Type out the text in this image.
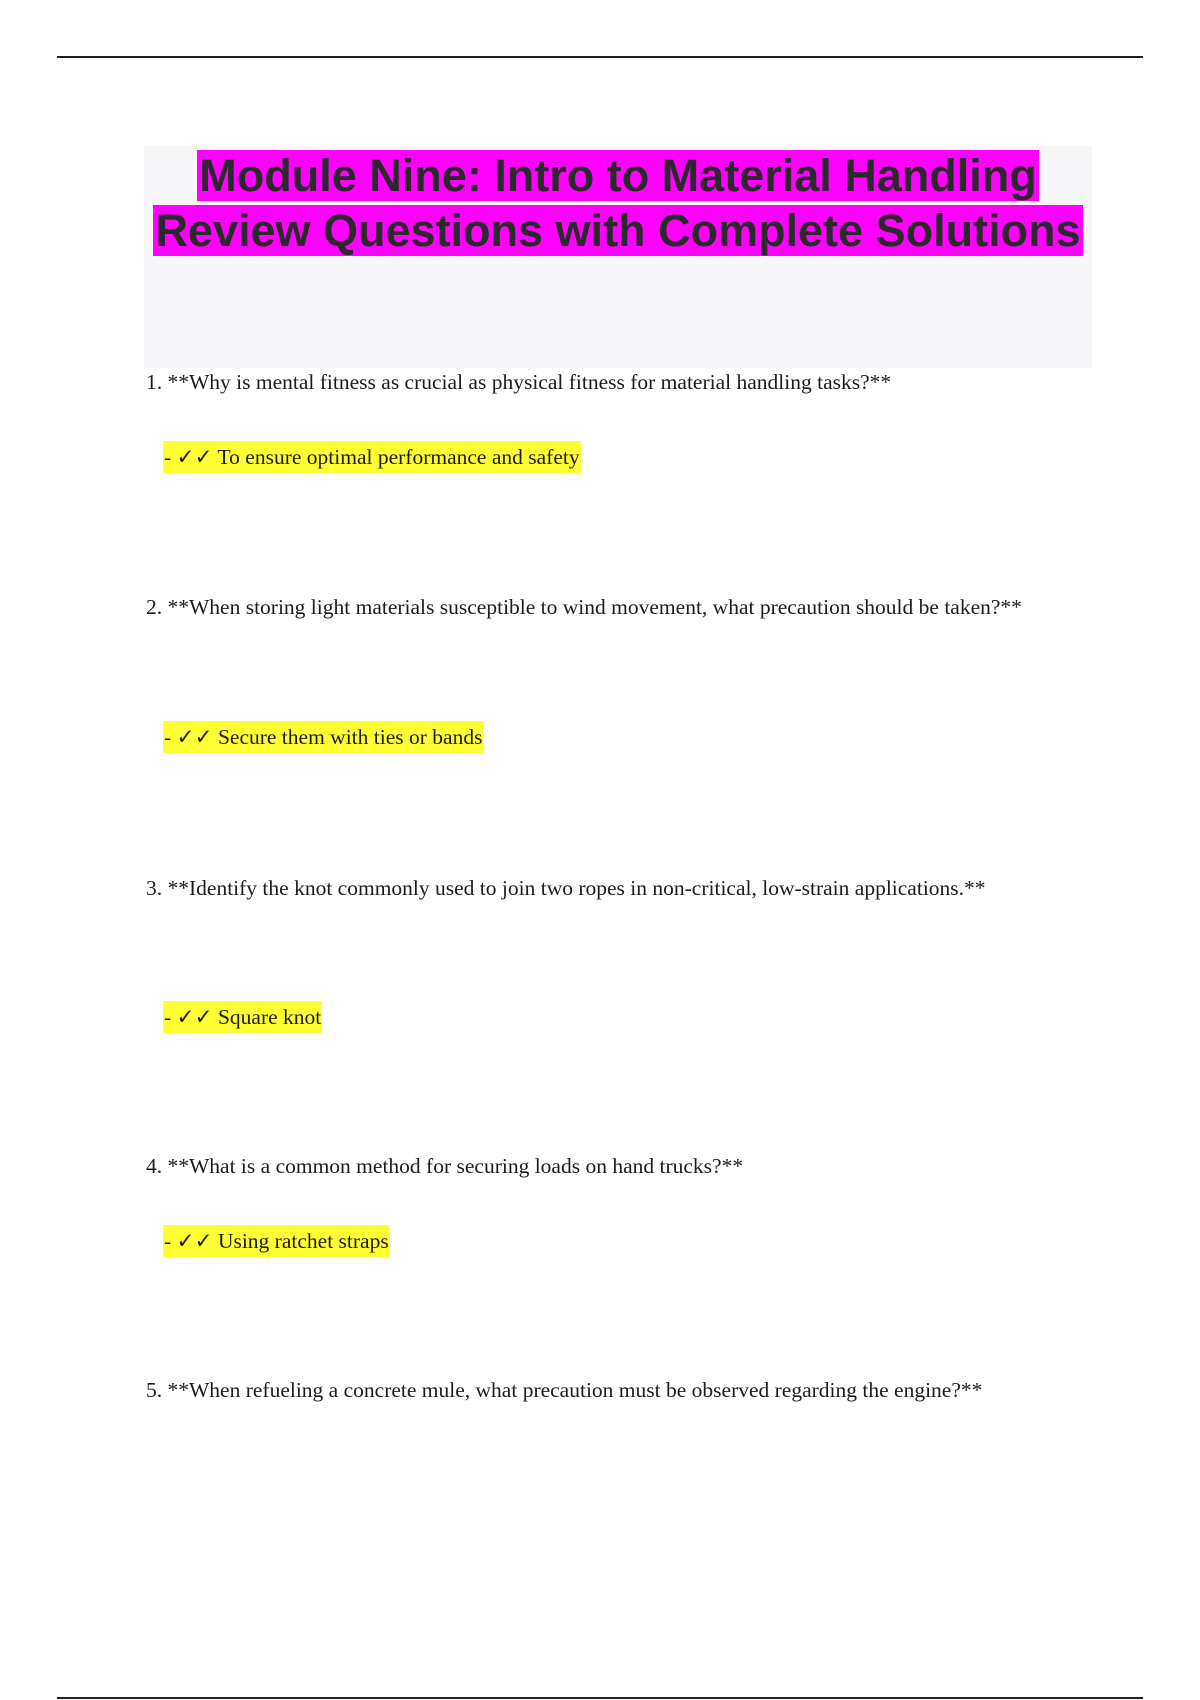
Module Nine: Intro to Material Handling Review Questions with Complete Solutions

1. **Why is mental fitness as crucial as physical fitness for material handling tasks?**

- ✓✓ To ensure optimal performance and safety

2. **When storing light materials susceptible to wind movement, what precaution should be taken?**

- ✓✓ Secure them with ties or bands

3. **Identify the knot commonly used to join two ropes in non-critical, low-strain applications.**

- ✓✓ Square knot

4. **What is a common method for securing loads on hand trucks?**

- ✓✓ Using ratchet straps

5. **When refueling a concrete mule, what precaution must be observed regarding the engine?**
